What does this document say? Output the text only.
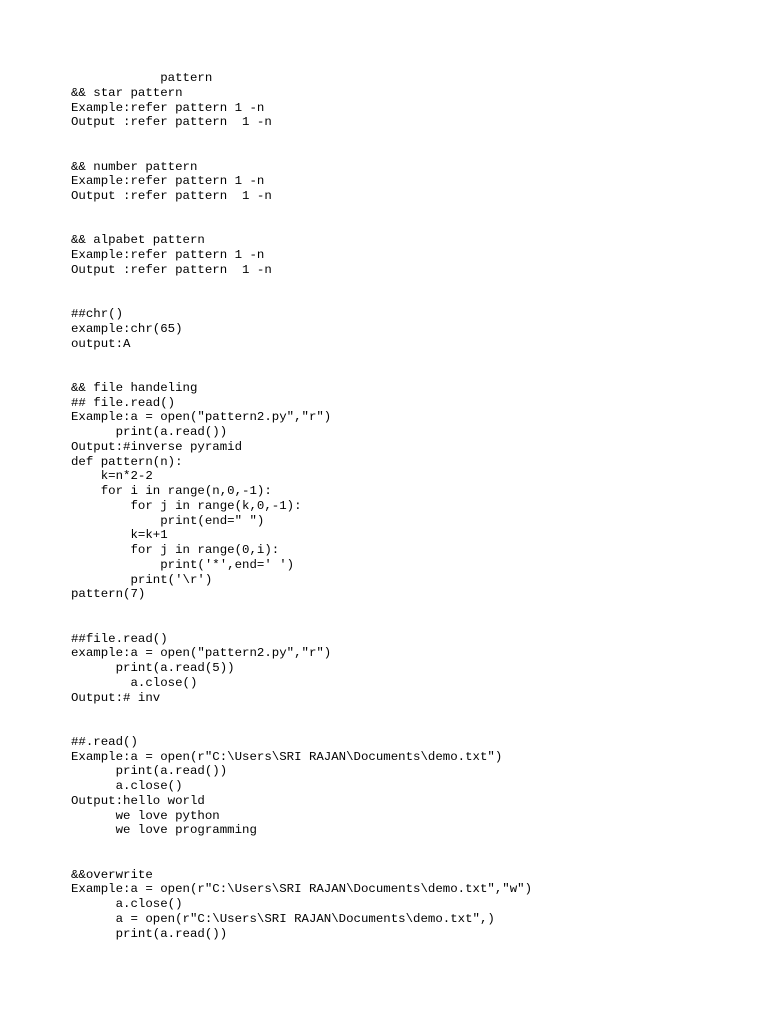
pattern
&& star pattern
Example:refer pattern 1 -n
Output :refer pattern  1 -n
&& number pattern
Example:refer pattern 1 -n
Output :refer pattern  1 -n
&& alpabet pattern
Example:refer pattern 1 -n
Output :refer pattern  1 -n
##chr()
example:chr(65)
output:A
&& file handeling
## file.read()
Example:a = open("pattern2.py","r")
print(a.read())
Output:#inverse pyramid
def pattern(n):
k=n*2-2
for i in range(n,0,-1):
for j in range(k,0,-1):
print(end=" ")
k=k+1
for j in range(0,i):
print('*',end=' ')
print('\r')
pattern(7)
##file.read()
example:a = open("pattern2.py","r")
print(a.read(5))
a.close()
Output:# inv
##.read()
Example:a = open(r"C:\Users\SRI RAJAN\Documents\demo.txt")
print(a.read())
a.close()
Output:hello world
we love python
we love programming
&&overwrite
Example:a = open(r"C:\Users\SRI RAJAN\Documents\demo.txt","w")
a.close()
a = open(r"C:\Users\SRI RAJAN\Documents\demo.txt",)
print(a.read())
